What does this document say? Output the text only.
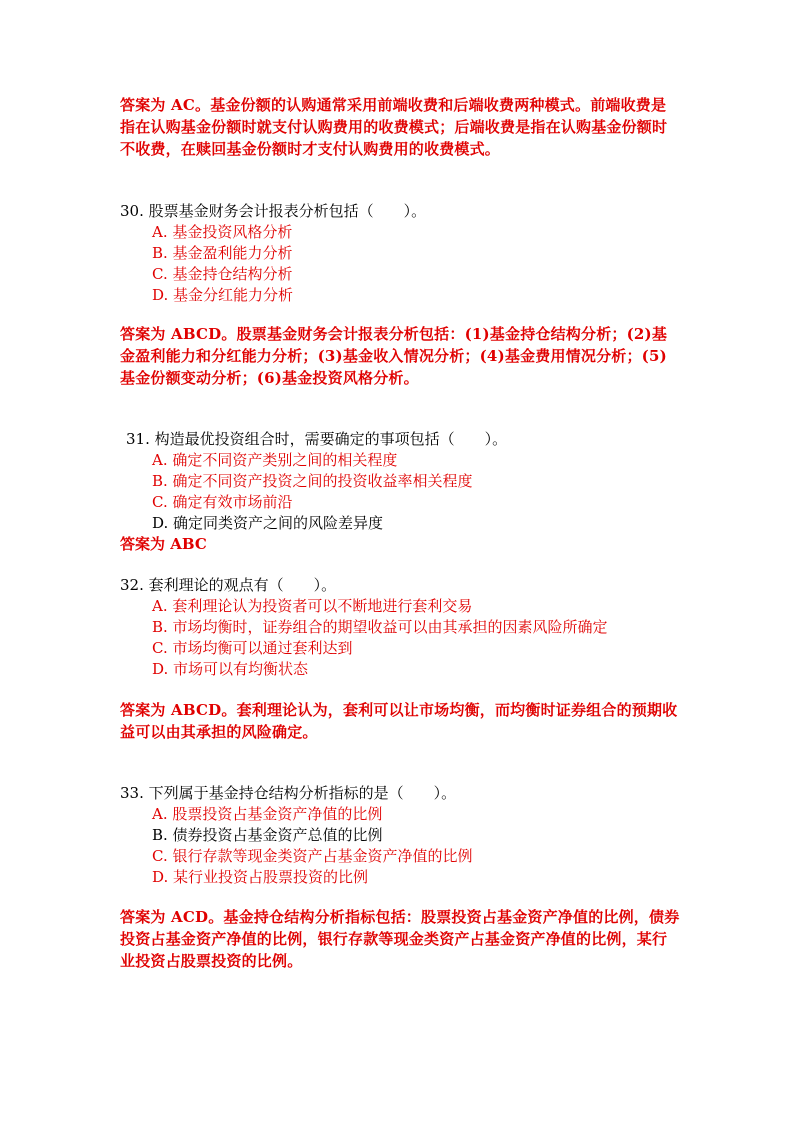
答案为 AC。基金份额的认购通常采用前端收费和后端收费两种模式。前端收费是指在认购基金份额时就支付认购费用的收费模式；后端收费是指在认购基金份额时不收费，在赎回基金份额时才支付认购费用的收费模式。
30. 股票基金财务会计报表分析包括（　　）。
A. 基金投资风格分析
B. 基金盈利能力分析
C. 基金持仓结构分析
D. 基金分红能力分析
答案为 ABCD。股票基金财务会计报表分析包括：(1)基金持仓结构分析；(2)基金盈利能力和分红能力分析；(3)基金收入情况分析；(4)基金费用情况分析；(5)基金份额变动分析；(6)基金投资风格分析。
31. 构造最优投资组合时，需要确定的事项包括（　　）。
A. 确定不同资产类别之间的相关程度
B. 确定不同资产投资之间的投资收益率相关程度
C. 确定有效市场前沿
D. 确定同类资产之间的风险差异度
答案为 ABC
32. 套利理论的观点有（　　）。
A. 套利理论认为投资者可以不断地进行套利交易
B. 市场均衡时，证券组合的期望收益可以由其承担的因素风险所确定
C. 市场均衡可以通过套利达到
D. 市场可以有均衡状态
答案为 ABCD。套利理论认为，套利可以让市场均衡，而均衡时证券组合的预期收益可以由其承担的风险确定。
33. 下列属于基金持仓结构分析指标的是（　　）。
A. 股票投资占基金资产净值的比例
B. 债券投资占基金资产总值的比例
C. 银行存款等现金类资产占基金资产净值的比例
D. 某行业投资占股票投资的比例
答案为 ACD。基金持仓结构分析指标包括：股票投资占基金资产净值的比例，债券投资占基金资产净值的比例，银行存款等现金类资产占基金资产净值的比例，某行业投资占股票投资的比例。
